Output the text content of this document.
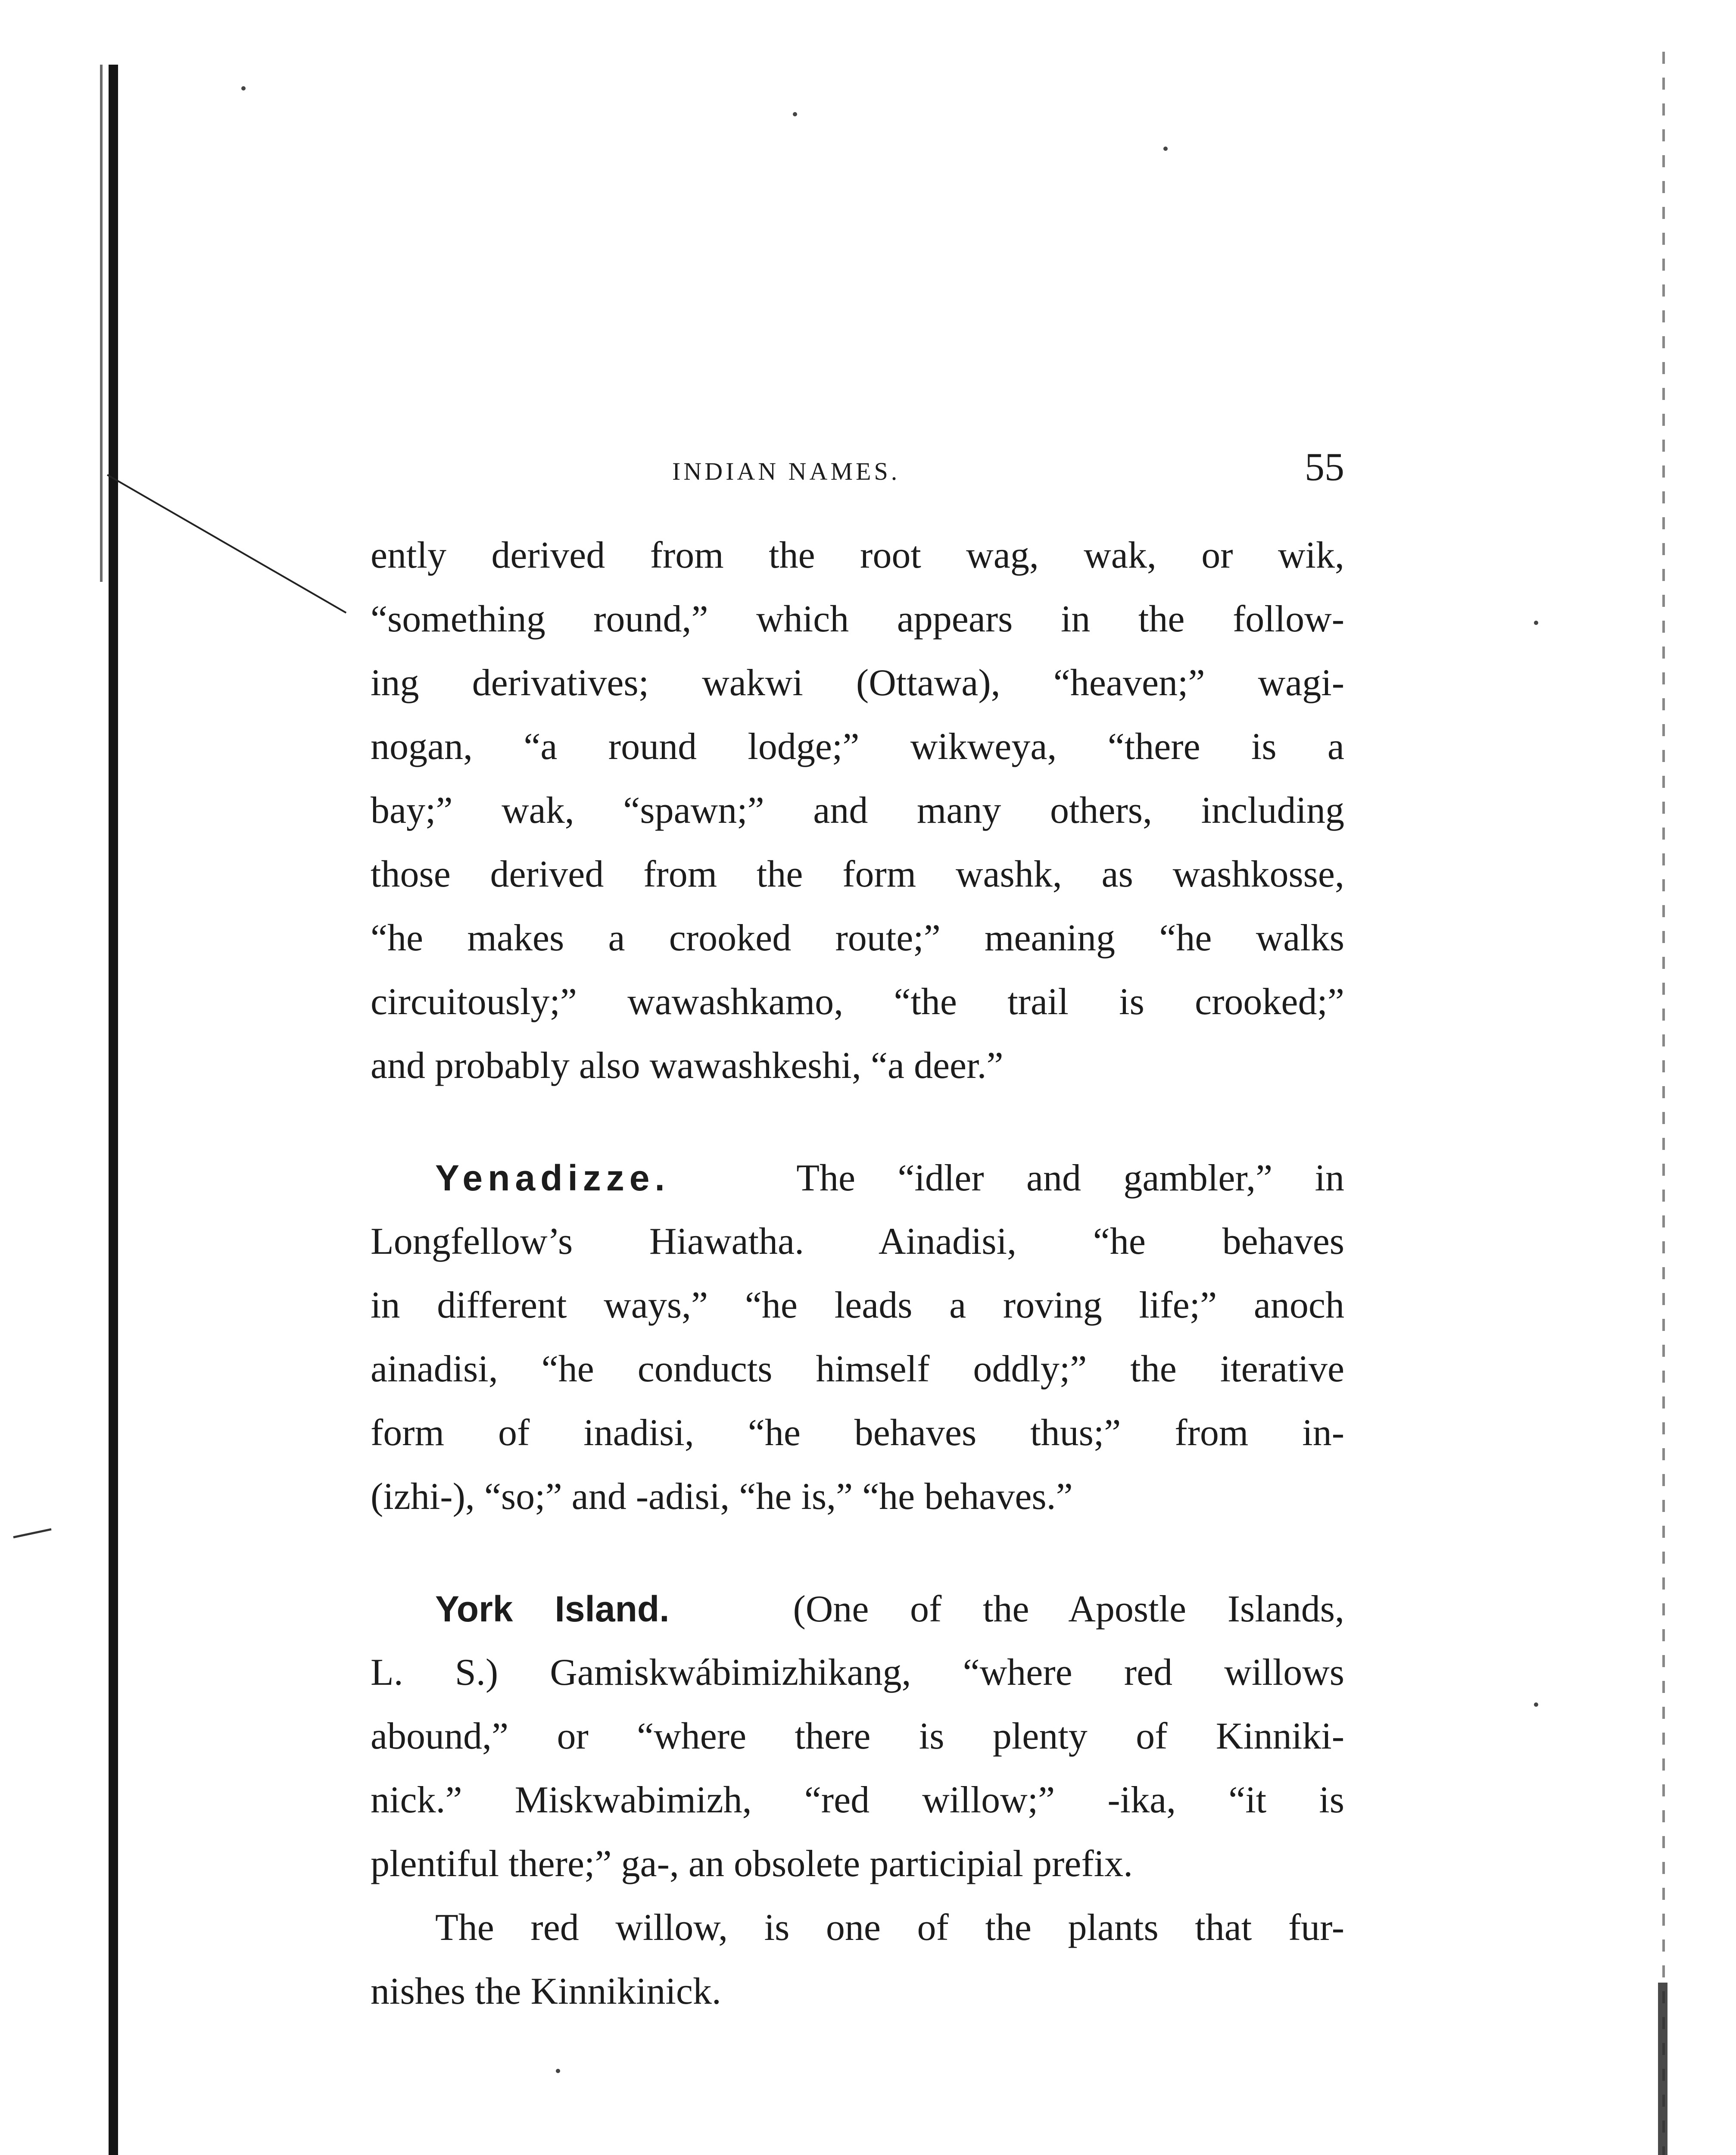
INDIAN NAMES.	55
ently derived from the root wag, wak, or wik,
“something round,” which appears in the follow-
ing derivatives; wakwi (Ottawa), “heaven;” wagi-
nogan, “a round lodge;” wikweya, “there is a
bay;” wak, “spawn;” and many others, including
those derived from the form washk, as washkosse,
“he makes a crooked route;” meaning “he walks
circuitously;” wawashkamo, “the trail is crooked;”
and probably also wawashkeshi, “a deer.”
Yenadizze.	The “idler and gambler,” in
Longfellow’s Hiawatha. Ainadisi, “he behaves
in different ways,” “he leads a roving life;” anoch
ainadisi, “he conducts himself oddly;” the iterative
form of inadisi, “he behaves thus;” from in-
(izhi-), “so;” and -adisi, “he is,” “he behaves.”
York Island.	(One of the Apostle Islands,
L. S.) Gamiskwábimizhikang, “where red willows
abound,” or “where there is plenty of Kinniki-
nick.” Miskwabimizh, “red willow;” -ika, “it is
plentiful there;” ga-, an obsolete participial prefix.
The red willow, is one of the plants that fur-
nishes the Kinnikinick.
